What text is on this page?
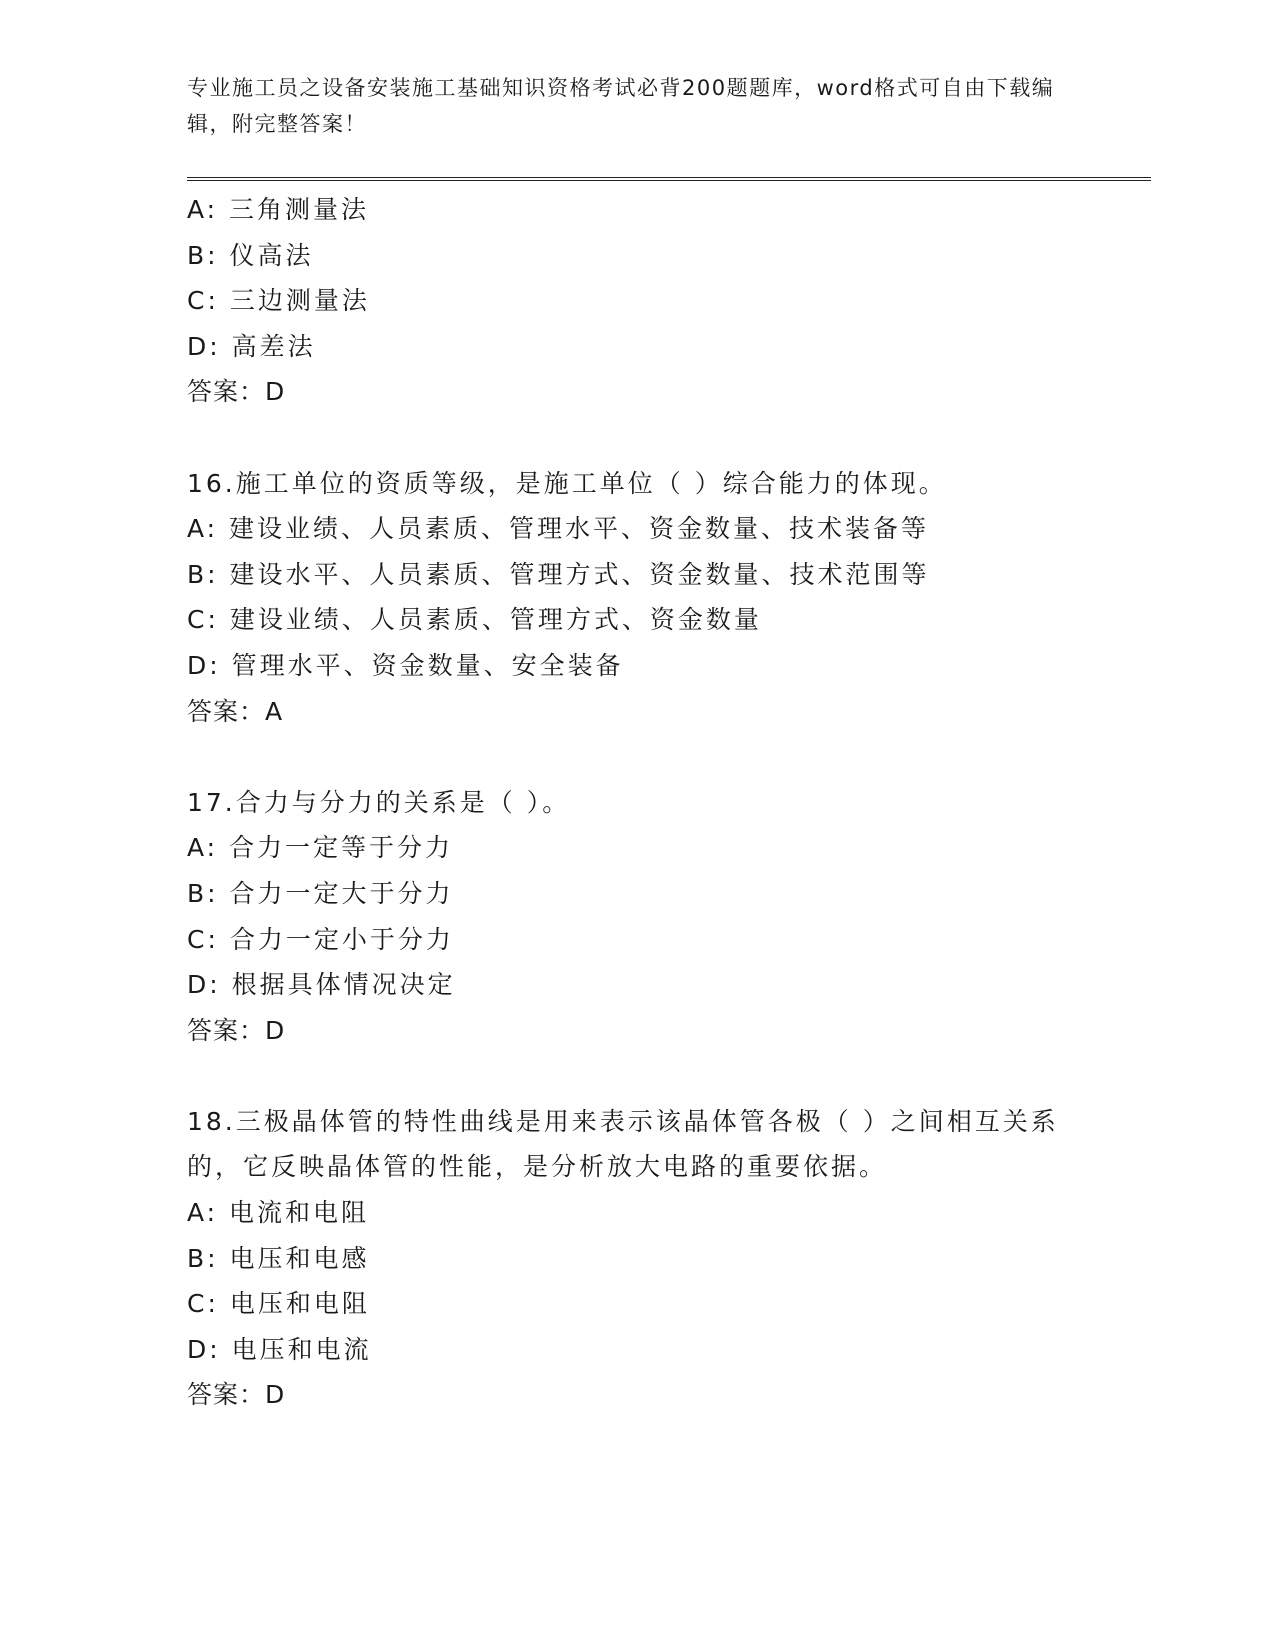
专业施工员之设备安装施工基础知识资格考试必背200题题库，word格式可自由下载编辑，附完整答案！

A: 三角测量法
B: 仪高法
C: 三边测量法
D: 高差法
答案：D
16.施工单位的资质等级，是施工单位（ ）综合能力的体现。
A: 建设业绩、人员素质、管理水平、资金数量、技术装备等
B: 建设水平、人员素质、管理方式、资金数量、技术范围等
C: 建设业绩、人员素质、管理方式、资金数量
D: 管理水平、资金数量、安全装备
答案：A
17.合力与分力的关系是（ ）。
A: 合力一定等于分力
B: 合力一定大于分力
C: 合力一定小于分力
D: 根据具体情况决定
答案：D
18.三极晶体管的特性曲线是用来表示该晶体管各极（ ）之间相互关系的，它反映晶体管的性能，是分析放大电路的重要依据。
A: 电流和电阻
B: 电压和电感
C: 电压和电阻
D: 电压和电流
答案：D
